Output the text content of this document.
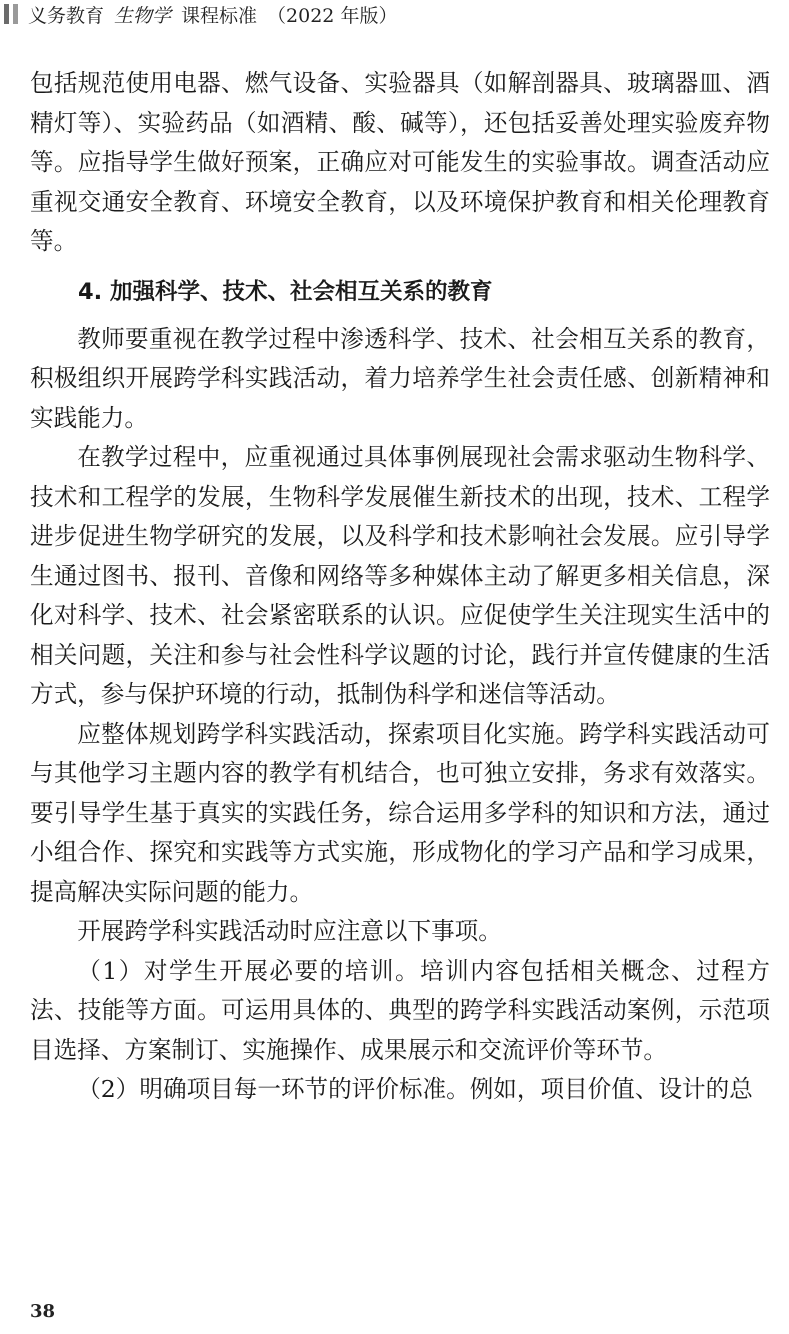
义务教育 生物学 课程标准 （2022 年版）

包括规范使用电器、燃气设备、实验器具（如解剖器具、玻璃器皿、酒精灯等）、实验药品（如酒精、酸、碱等），还包括妥善处理实验废弃物等。应指导学生做好预案，正确应对可能发生的实验事故。调查活动应重视交通安全教育、环境安全教育，以及环境保护教育和相关伦理教育等。

4. 加强科学、技术、社会相互关系的教育

教师要重视在教学过程中渗透科学、技术、社会相互关系的教育，积极组织开展跨学科实践活动，着力培养学生社会责任感、创新精神和实践能力。

在教学过程中，应重视通过具体事例展现社会需求驱动生物科学、技术和工程学的发展，生物科学发展催生新技术的出现，技术、工程学进步促进生物学研究的发展，以及科学和技术影响社会发展。应引导学生通过图书、报刊、音像和网络等多种媒体主动了解更多相关信息，深化对科学、技术、社会紧密联系的认识。应促使学生关注现实生活中的相关问题，关注和参与社会性科学议题的讨论，践行并宣传健康的生活方式，参与保护环境的行动，抵制伪科学和迷信等活动。

应整体规划跨学科实践活动，探索项目化实施。跨学科实践活动可与其他学习主题内容的教学有机结合，也可独立安排，务求有效落实。要引导学生基于真实的实践任务，综合运用多学科的知识和方法，通过小组合作、探究和实践等方式实施，形成物化的学习产品和学习成果，提高解决实际问题的能力。

开展跨学科实践活动时应注意以下事项。

（1）对学生开展必要的培训。培训内容包括相关概念、过程方法、技能等方面。可运用具体的、典型的跨学科实践活动案例，示范项目选择、方案制订、实施操作、成果展示和交流评价等环节。

（2）明确项目每一环节的评价标准。例如，项目价值、设计的总

38
